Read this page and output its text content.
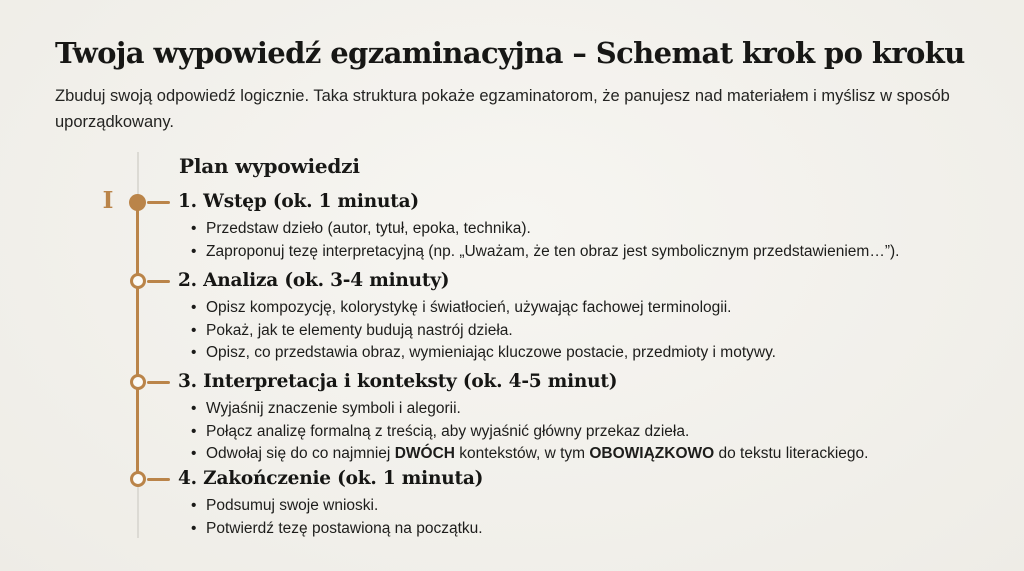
Twoja wypowiedź egzaminacyjna – Schemat krok po kroku

Zbuduj swoją odpowiedź logicznie. Taka struktura pokaże egzaminatorom, że panujesz nad materiałem i myślisz w sposób uporządkowany.

I
Plan wypowiedzi
1. Wstęp (ok. 1 minuta)
• Przedstaw dzieło (autor, tytuł, epoka, technika).
• Zaproponuj tezę interpretacyjną (np. „Uważam, że ten obraz jest symbolicznym przedstawieniem…”).
2. Analiza (ok. 3-4 minuty)
• Opisz kompozycję, kolorystykę i światłocień, używając fachowej terminologii.
• Pokaż, jak te elementy budują nastrój dzieła.
• Opisz, co przedstawia obraz, wymieniając kluczowe postacie, przedmioty i motywy.
3. Interpretacja i konteksty (ok. 4-5 minut)
• Wyjaśnij znaczenie symboli i alegorii.
• Połącz analizę formalną z treścią, aby wyjaśnić główny przekaz dzieła.
• Odwołaj się do co najmniej DWÓCH kontekstów, w tym OBOWIĄZKOWO do tekstu literackiego.
4. Zakończenie (ok. 1 minuta)
• Podsumuj swoje wnioski.
• Potwierdź tezę postawioną na początku.
